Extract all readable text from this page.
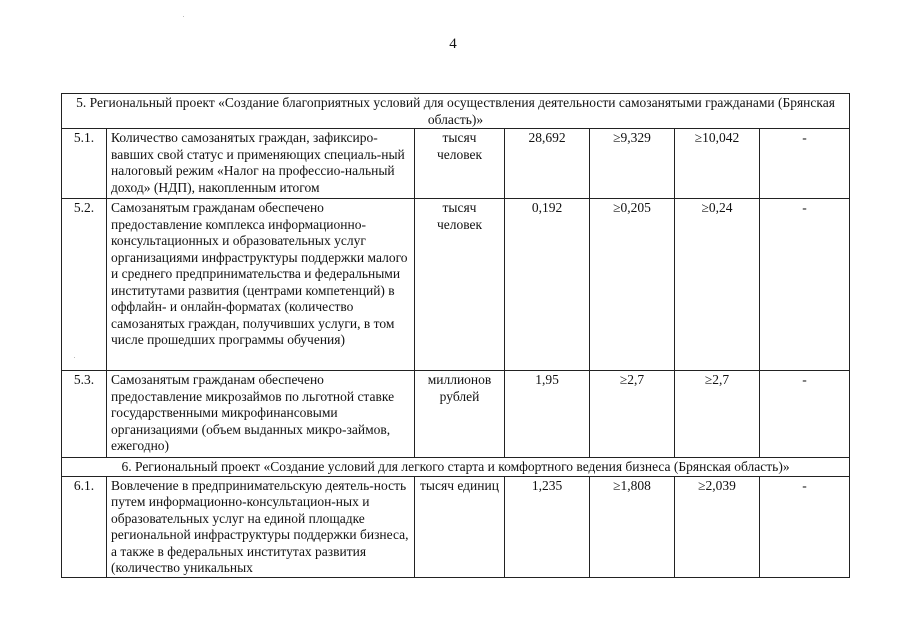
4
5. Региональный проект «Создание благоприятных условий для осуществления деятельности самозанятыми гражданами (Брянская область)»						
5.1.	Количество самозанятых граждан, зафиксиро-вавших свой статус и применяющих специаль-ный налоговый режим «Налог на профессио-нальный доход» (НДП), накопленным итогом	тысяч человек	28,692	≥9,329	≥10,042	-
5.2.	Самозанятым гражданам обеспечено предоставление комплекса информационно-консультационных и образовательных услуг организациями инфраструктуры поддержки малого и среднего предпринимательства и федеральными институтами развития (центрами компетенций) в оффлайн- и онлайн-форматах (количество самозанятых граждан, получивших услуги, в том числе прошедших программы обучения)	тысяч человек	0,192	≥0,205	≥0,24	-
5.3.	Самозанятым гражданам обеспечено предоставление микрозаймов по льготной ставке государственными микрофинансовыми организациями (объем выданных микро-займов, ежегодно)	миллионов рублей	1,95	≥2,7	≥2,7	-
6. Региональный проект «Создание условий для легкого старта и комфортного ведения бизнеса (Брянская область)»						
6.1.	Вовлечение в предпринимательскую деятель-ность путем информационно-консультацион-ных и образовательных услуг на единой площадке региональной инфраструктуры поддержки бизнеса, а также в федеральных институтах развития (количество уникальных	тысяч единиц	1,235	≥1,808	≥2,039	-
